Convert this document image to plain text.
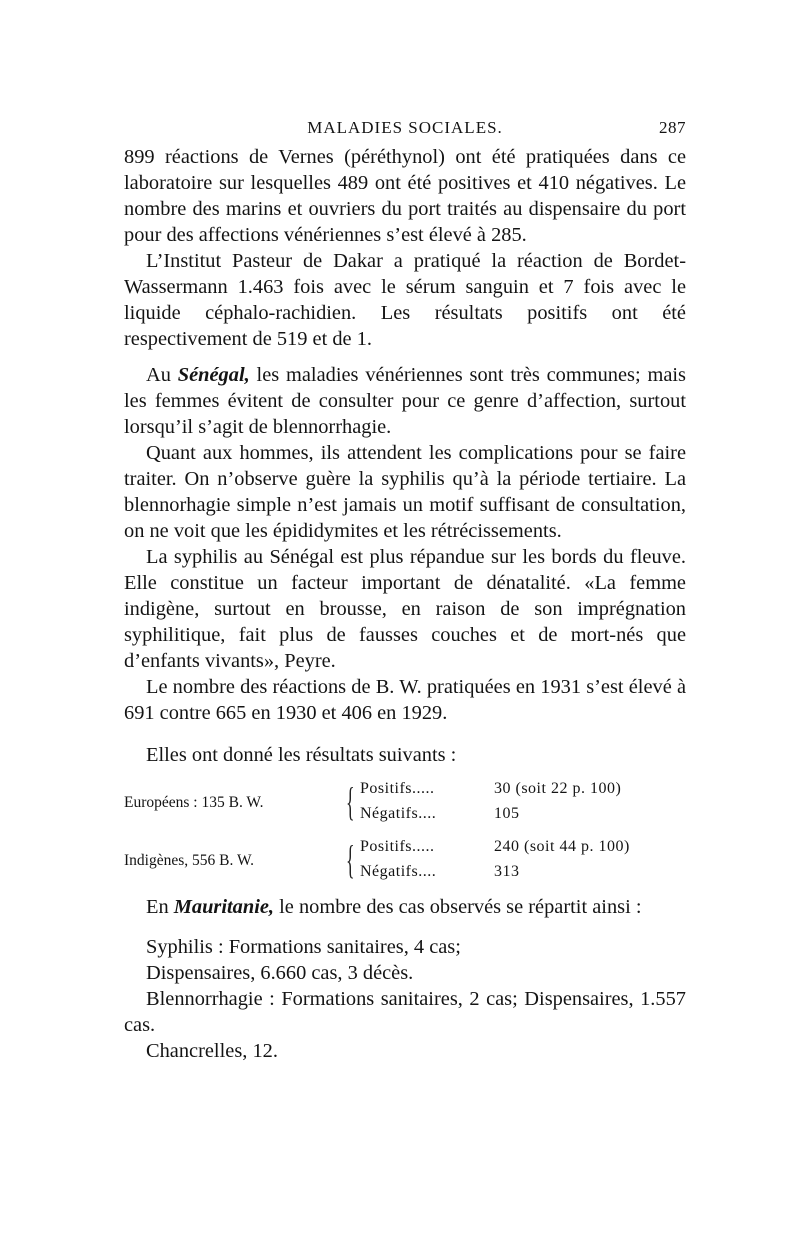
MALADIES SOCIALES.	287

899 réactions de Vernes (péréthynol) ont été pratiquées dans ce laboratoire sur lesquelles 489 ont été positives et 410 négatives. Le nombre des marins et ouvriers du port traités au dispensaire du port pour des affections vénériennes s’est élevé à 285.

L’Institut Pasteur de Dakar a pratiqué la réaction de Bordet-Wassermann 1.463 fois avec le sérum sanguin et 7 fois avec le liquide céphalo-rachidien. Les résultats positifs ont été respectivement de 519 et de 1.

Au Sénégal, les maladies vénériennes sont très communes; mais les femmes évitent de consulter pour ce genre d’affection, surtout lorsqu’il s’agit de blennorrhagie.

Quant aux hommes, ils attendent les complications pour se faire traiter. On n’observe guère la syphilis qu’à la période tertiaire. La blennorhagie simple n’est jamais un motif suffisant de consultation, on ne voit que les épididymites et les rétrécissements.

La syphilis au Sénégal est plus répandue sur les bords du fleuve. Elle constitue un facteur important de dénatalité. «La femme indigène, surtout en brousse, en raison de son imprégnation syphilitique, fait plus de fausses couches et de mort-nés que d’enfants vivants», Peyre.

Le nombre des réactions de B. W. pratiquées en 1931 s’est élevé à 691 contre 665 en 1930 et 406 en 1929.

Elles ont donné les résultats suivants :

Européens : 135 B. W. { Positifs.....	30 (soit 22 p. 100)
Négatifs....	105
Indigènes, 556 B. W. { Positifs.....	240 (soit 44 p. 100)
Négatifs....	313

En Mauritanie, le nombre des cas observés se répartit ainsi :

Syphilis : Formations sanitaires, 4 cas;

Dispensaires, 6.660 cas, 3 décès.

Blennorrhagie : Formations sanitaires, 2 cas; Dispensaires, 1.557 cas.

Chancrelles, 12.
